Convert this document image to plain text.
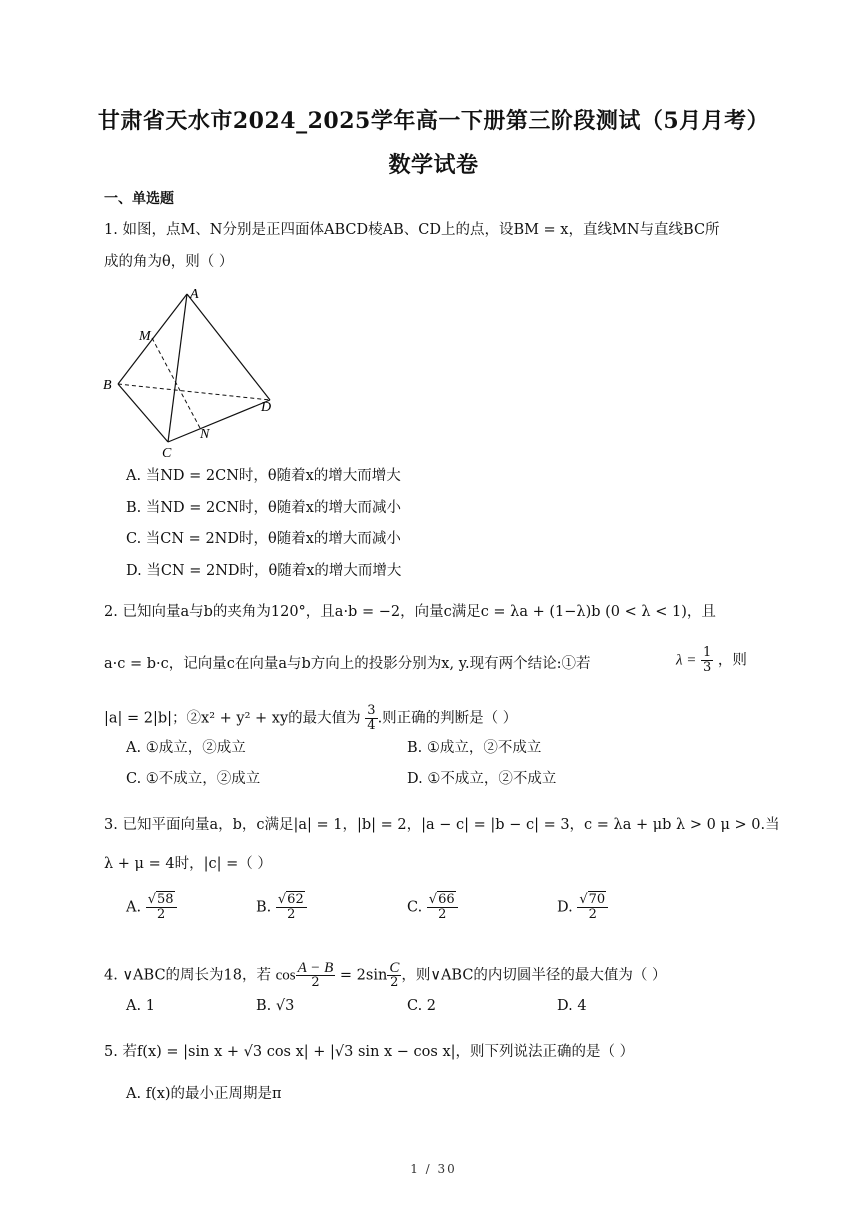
甘肃省天水市2024_2025学年高一下册第三阶段测试（5月月考）
数学试卷
一、单选题
1. 如图，点M、N分别是正四面体ABCD棱AB、CD上的点，设BM = x，直线MN与直线BC所
成的角为θ，则（ ）
A
B
C
D
M
N
A. 当ND = 2CN时，θ随着x的增大而增大
B. 当ND = 2CN时，θ随着x的增大而减小
C. 当CN = 2ND时，θ随着x的增大而减小
D. 当CN = 2ND时，θ随着x的增大而增大
2. 已知向量a与b的夹角为120°，且a·b = −2，向量c满足c = λa + (1−λ)b (0 < λ < 1)，且
a·c = b·c，记向量c在向量a与b方向上的投影分别为x, y.现有两个结论:①若	$\lambda = \frac{1}{3}$ ，则
|a| = 2|b|；②x² + y² + xy的最大值为 $\frac{3}{4}$ .则正确的判断是（ ）
A. ①成立，②成立	B. ①成立，②不成立
C. ①不成立，②成立	D. ①不成立，②不成立
3. 已知平面向量a，b，c满足|a| = 1，|b| = 2，|a − c| = |b − c| = 3，c = λa + μb λ > 0 μ > 0.当
λ + μ = 4时，|c| =（ ）
A. $\frac{√58}{2}$	B. $\frac{√62}{2}$	C. $\frac{√66}{2}$	D. $\frac{√70}{2}$
4. ∨ABC的周长为18，若 $\cos \frac{A - B}{2} = 2\sin \frac{C}{2}$ ，则∨ABC的内切圆半径的最大值为（ ）
A. 1	B. √3	C. 2	D. 4
5. 若f(x) = |sin x + √3 cos x| + |√3 sin x − cos x|，则下列说法正确的是（ ）
A. f(x)的最小正周期是π
1 / 30
